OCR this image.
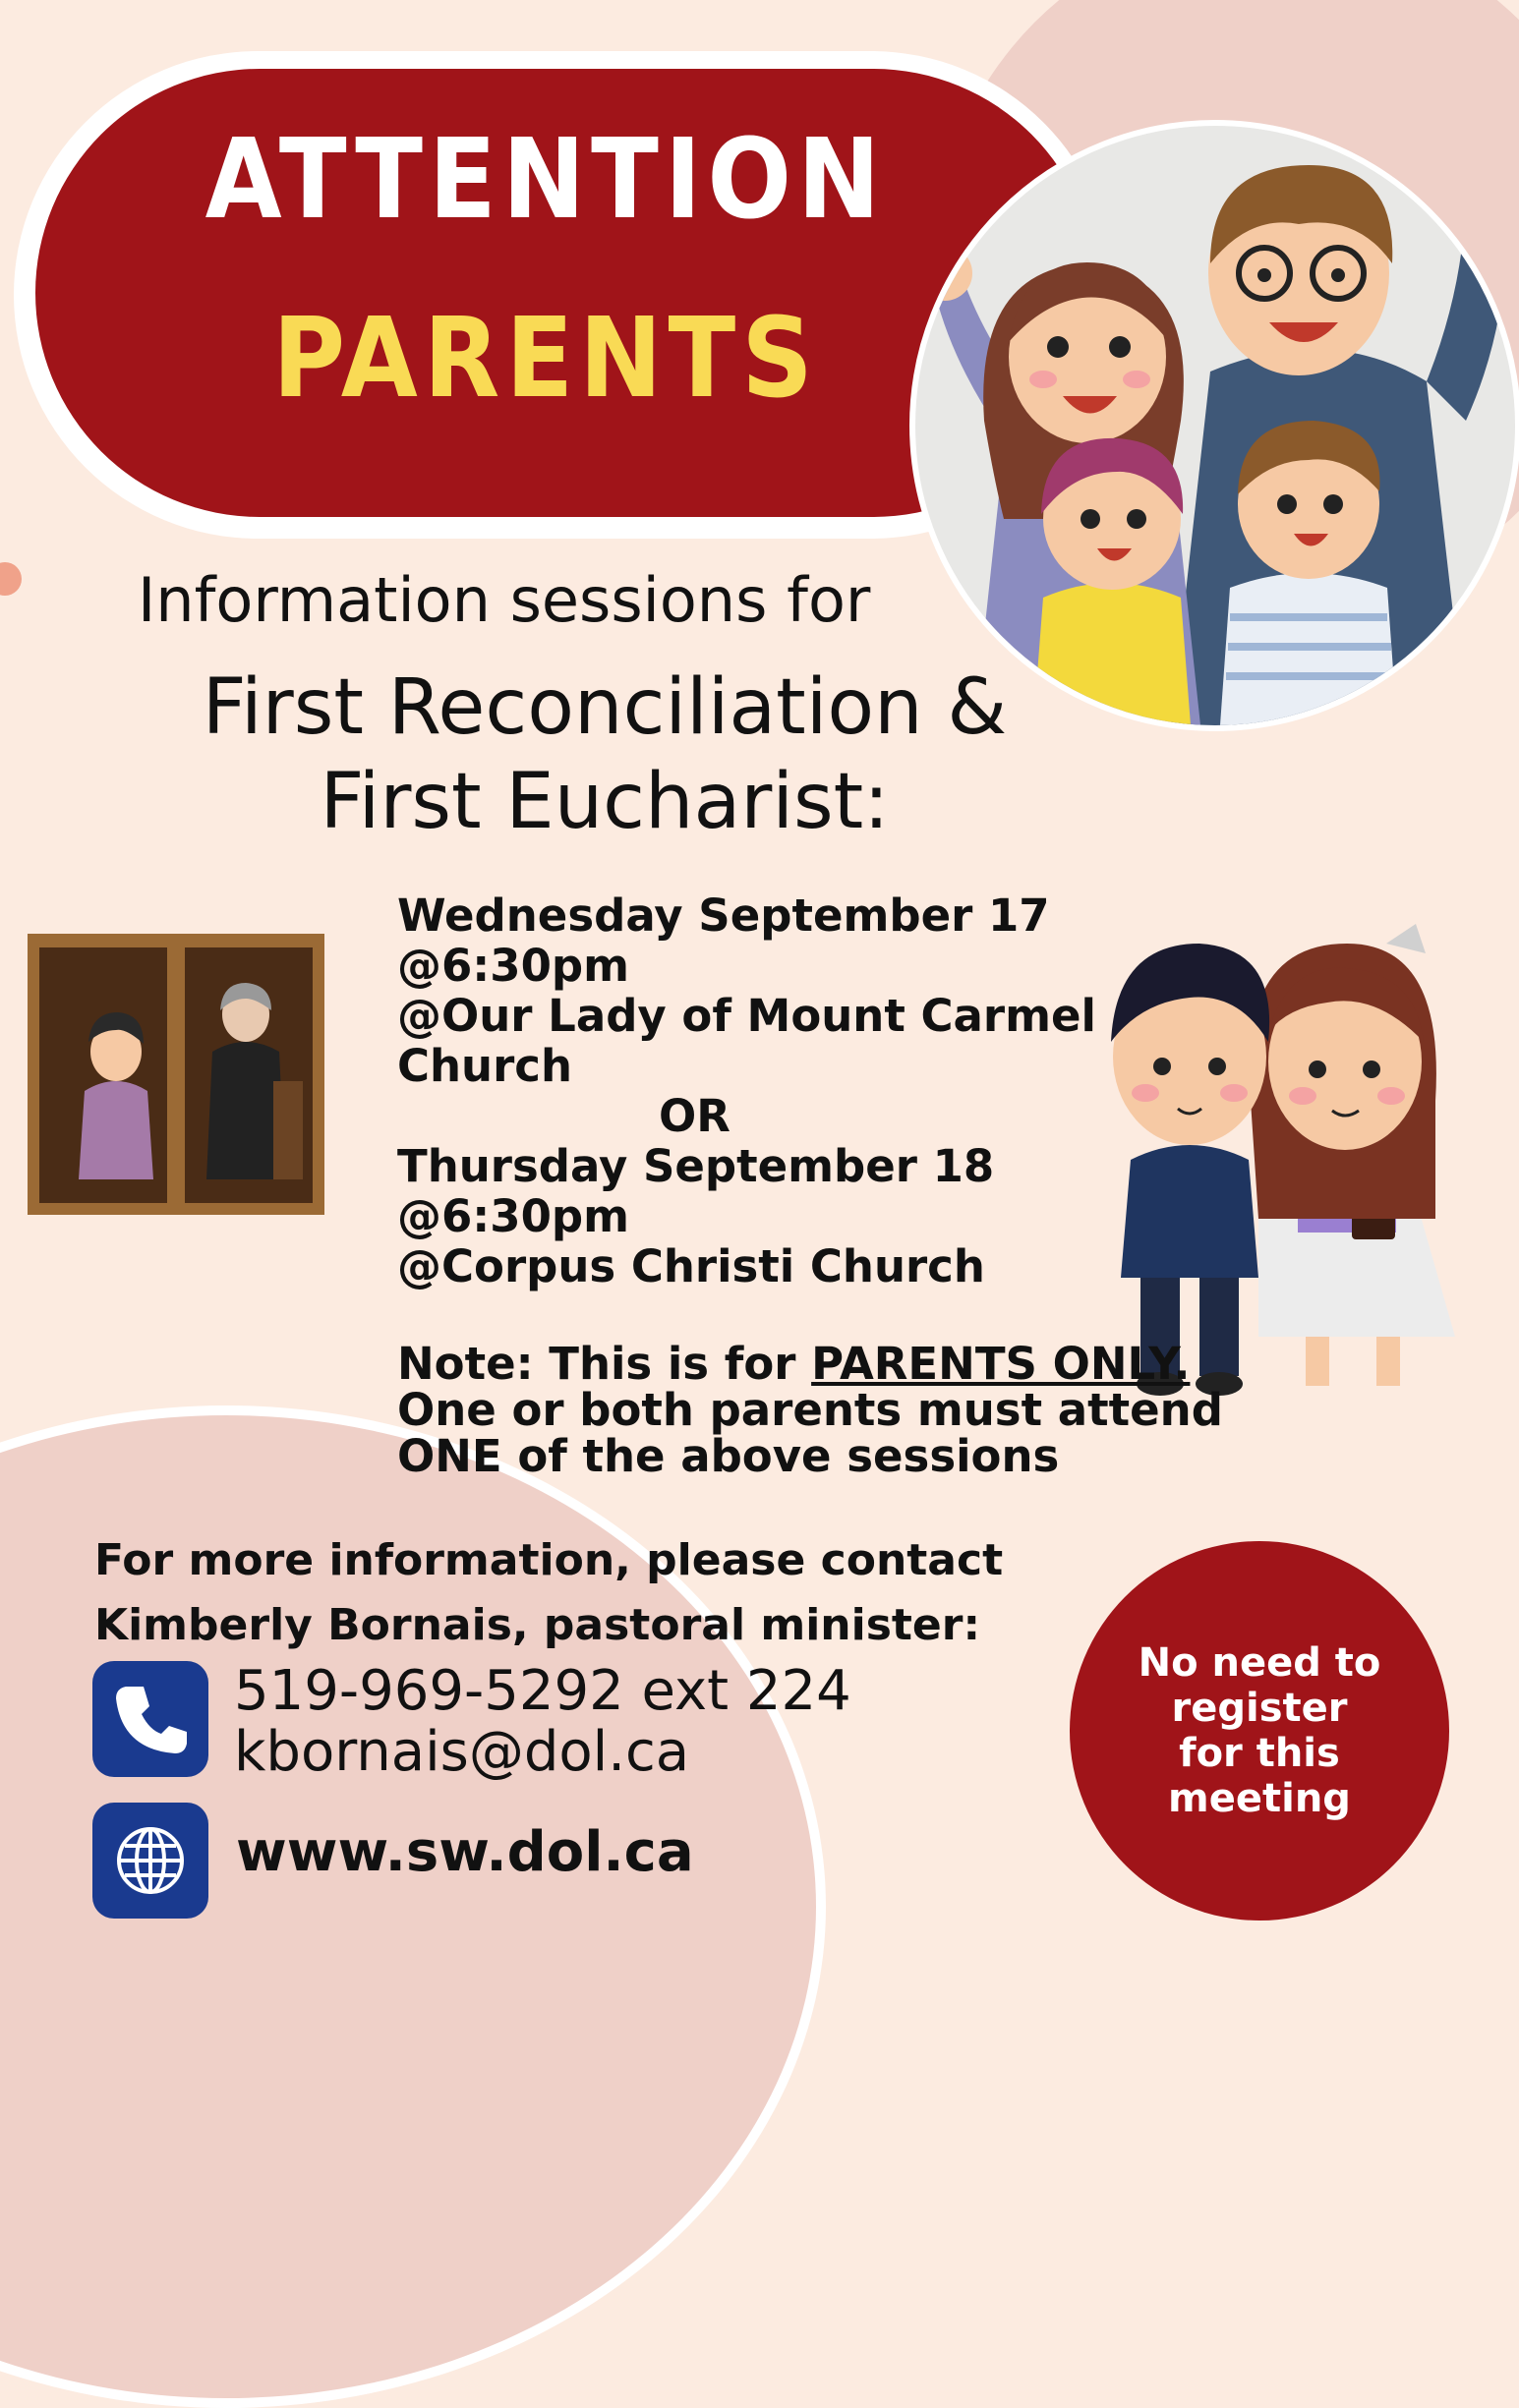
ATTENTION
PARENTS
Information sessions for
First Reconciliation &
First Eucharist:
Wednesday September 17
@6:30pm
@Our Lady of Mount Carmel
Church
OR
Thursday September 18
@6:30pm
@Corpus Christi Church
Note: This is for PARENTS ONLY.
One or both parents must attend
ONE of the above sessions
For more information, please contact
Kimberly Bornais, pastoral minister:
519-969-5292 ext 224
kbornais@dol.ca
www.sw.dol.ca
No need to
register
for this meeting
